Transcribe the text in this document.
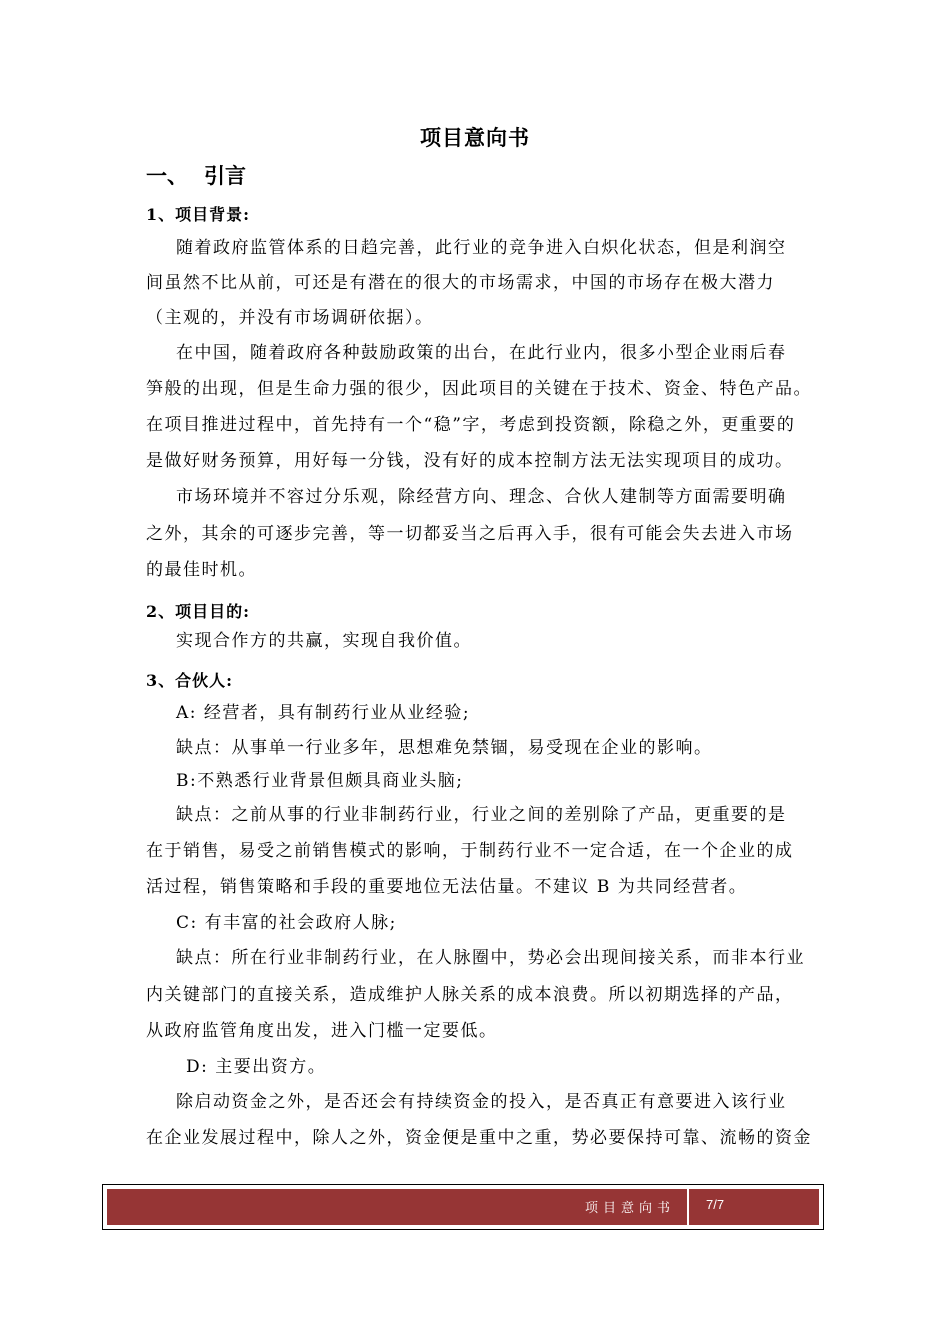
项目意向书
一、 引言
1、项目背景:
随着政府监管体系的日趋完善，此行业的竞争进入白炽化状态，但是利润空
间虽然不比从前，可还是有潜在的很大的市场需求，中国的市场存在极大潜力
（主观的，并没有市场调研依据）。
在中国，随着政府各种鼓励政策的出台，在此行业内，很多小型企业雨后春
笋般的出现，但是生命力强的很少，因此项目的关键在于技术、资金、特色产品。
在项目推进过程中，首先持有一个“稳”字，考虑到投资额，除稳之外，更重要的
是做好财务预算，用好每一分钱，没有好的成本控制方法无法实现项目的成功。
市场环境并不容过分乐观，除经营方向、理念、合伙人建制等方面需要明确
之外，其余的可逐步完善，等一切都妥当之后再入手，很有可能会失去进入市场
的最佳时机。
2、项目目的:
实现合作方的共赢，实现自我价值。
3、合伙人:
A: 经营者，具有制药行业从业经验;
缺点：从事单一行业多年，思想难免禁锢，易受现在企业的影响。
B:不熟悉行业背景但颇具商业头脑;
缺点：之前从事的行业非制药行业，行业之间的差别除了产品，更重要的是
在于销售，易受之前销售模式的影响，于制药行业不一定合适，在一个企业的成
活过程，销售策略和手段的重要地位无法估量。不建议 B 为共同经营者。
C: 有丰富的社会政府人脉;
缺点：所在行业非制药行业，在人脉圈中，势必会出现间接关系，而非本行业
内关键部门的直接关系，造成维护人脉关系的成本浪费。所以初期选择的产品，
从政府监管角度出发，进入门槛一定要低。
D: 主要出资方。
除启动资金之外，是否还会有持续资金的投入，是否真正有意要进入该行业
在企业发展过程中，除人之外，资金便是重中之重，势必要保持可靠、流畅的资金
项目意向书 7/7
